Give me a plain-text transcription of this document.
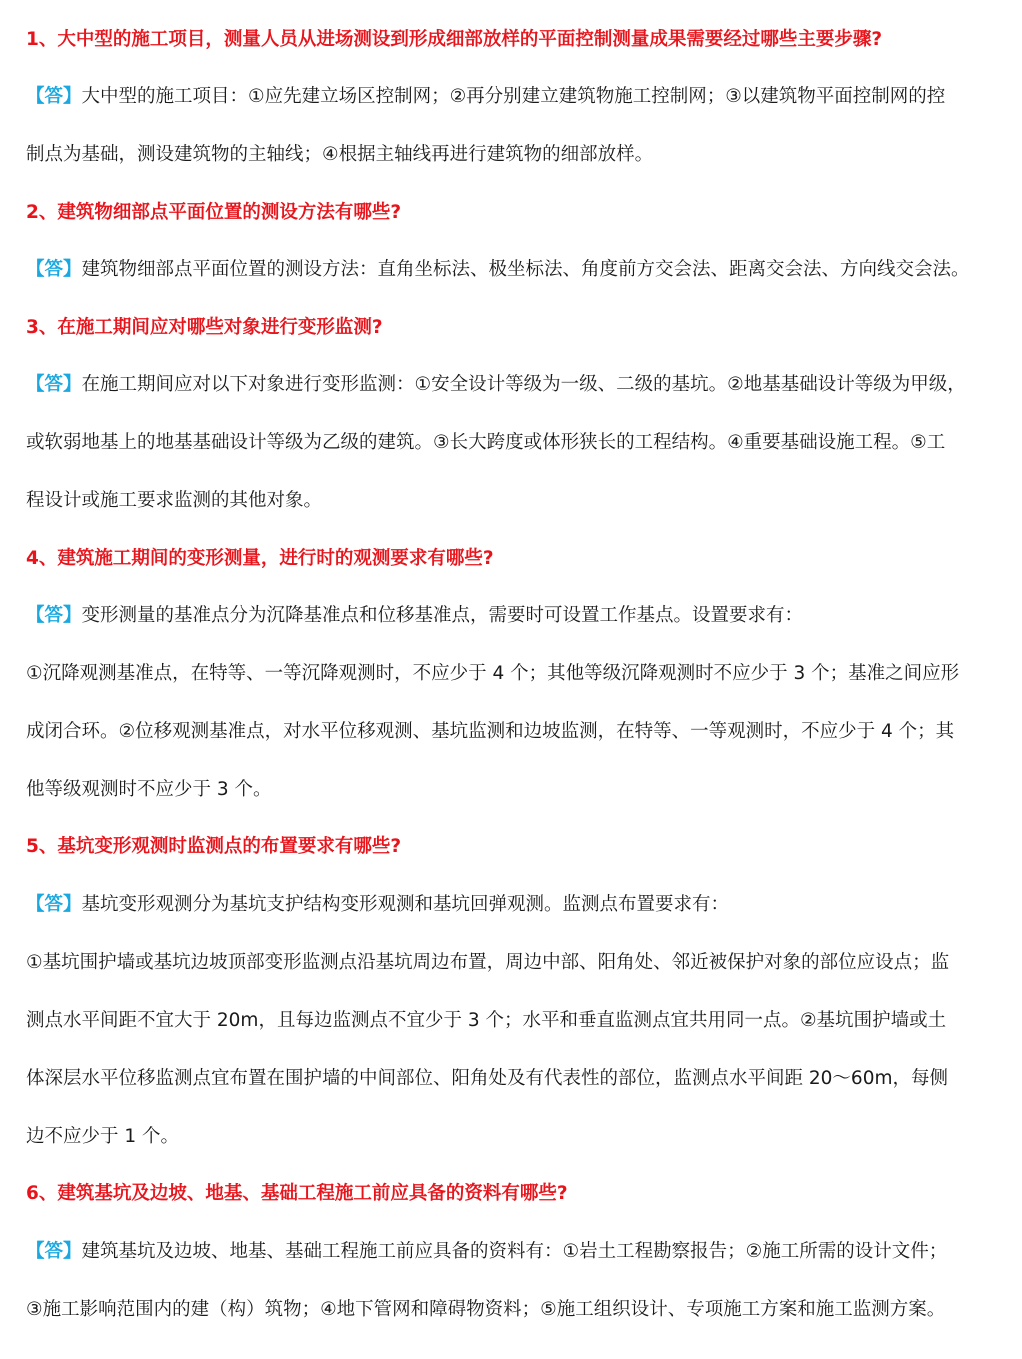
1、大中型的施工项目，测量人员从进场测设到形成细部放样的平面控制测量成果需要经过哪些主要步骤?
【答】大中型的施工项目：①应先建立场区控制网；②再分别建立建筑物施工控制网；③以建筑物平面控制网的控
制点为基础，测设建筑物的主轴线；④根据主轴线再进行建筑物的细部放样。
2、建筑物细部点平面位置的测设方法有哪些?
【答】建筑物细部点平面位置的测设方法：直角坐标法、极坐标法、角度前方交会法、距离交会法、方向线交会法。
3、在施工期间应对哪些对象进行变形监测?
【答】在施工期间应对以下对象进行变形监测：①安全设计等级为一级、二级的基坑。②地基基础设计等级为甲级，
或软弱地基上的地基基础设计等级为乙级的建筑。③长大跨度或体形狭长的工程结构。④重要基础设施工程。⑤工
程设计或施工要求监测的其他对象。
4、建筑施工期间的变形测量，进行时的观测要求有哪些?
【答】变形测量的基准点分为沉降基准点和位移基准点，需要时可设置工作基点。设置要求有：
①沉降观测基准点，在特等、一等沉降观测时，不应少于 4 个；其他等级沉降观测时不应少于 3 个；基准之间应形
成闭合环。②位移观测基准点，对水平位移观测、基坑监测和边坡监测，在特等、一等观测时，不应少于 4 个；其
他等级观测时不应少于 3 个。
5、基坑变形观测时监测点的布置要求有哪些?
【答】基坑变形观测分为基坑支护结构变形观测和基坑回弹观测。监测点布置要求有：
①基坑围护墙或基坑边坡顶部变形监测点沿基坑周边布置，周边中部、阳角处、邻近被保护对象的部位应设点；监
测点水平间距不宜大于 20m，且每边监测点不宜少于 3 个；水平和垂直监测点宜共用同一点。②基坑围护墙或土
体深层水平位移监测点宜布置在围护墙的中间部位、阳角处及有代表性的部位，监测点水平间距 20～60m，每侧
边不应少于 1 个。
6、建筑基坑及边坡、地基、基础工程施工前应具备的资料有哪些?
【答】建筑基坑及边坡、地基、基础工程施工前应具备的资料有：①岩土工程勘察报告；②施工所需的设计文件；
③施工影响范围内的建（构）筑物；④地下管网和障碍物资料；⑤施工组织设计、专项施工方案和施工监测方案。
